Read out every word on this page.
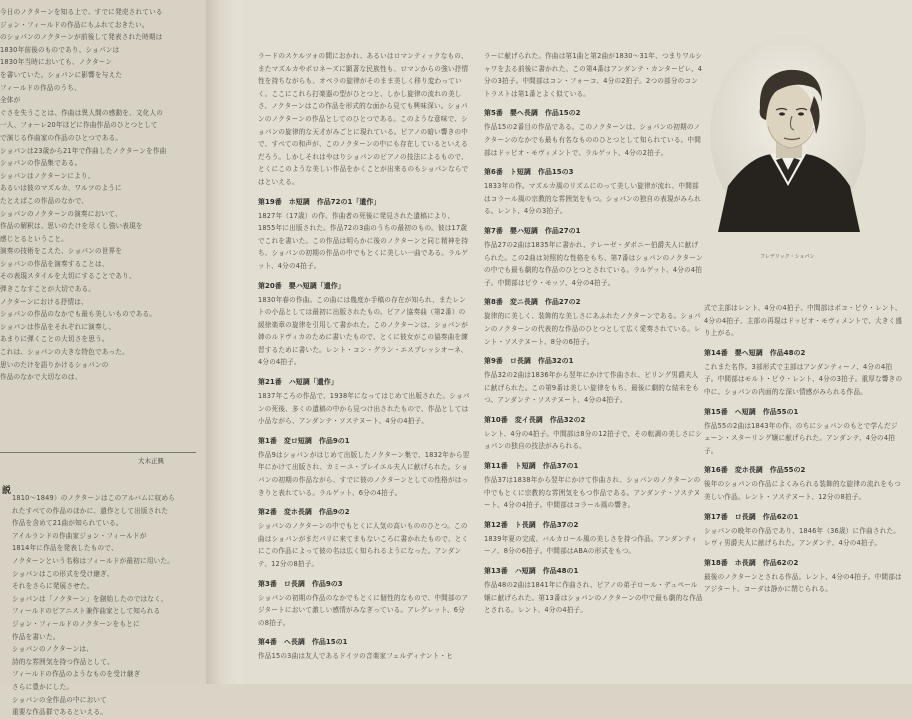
今日のノクターンを知る上で、すでに発売されている
ジョン・フィールドの作品にもふれておきたい。
のショパンのノクターンが前後して発表された時期は
1830年前後のものであり、ショパンは
1830年当時においても、ノクターン
を書いていた。ショパンに影響を与えた
フィールドの作品のうち、
全体が
ぐさを失うことは、作曲は異人間の感動を、文化人の
一人、フォーレ20年ほどに作曲作品のひとつとして
で演じる作曲家の作品のひとつである。
ショパンは23歳から21年で作曲したノクターンを作曲
ショパンの作品集である。
ショパンはノクターンにより、
あるいは彼のマズルカ、ワルツのように
たとえばこの作品のなかで、
ショパンのノクターンの演奏において、
作品の解釈は、思いのたけを尽くし強い表現を
感じとるということ。
演奏の技術をこえた、ショパンの世界を
ショパンの作品を演奏することは、
その表現スタイルを大切にすることであり、
弾きこなすことが大切である。
ノクターンにおける抒情は、
ショパンの作品のなかでも最も美しいものである。
ショパンは作品をそれぞれに演奏し、
あまりに弾くことの大切さを思う。
これは、ショパンの大きな特色であった。
思いのたけを語りかけるショパンの
作品のなかで大切なのは、
大木正興
説
1810〜1849）のノクターンはこのアルバムに収めら
れたすべての作品のほかに、遺作として出版された
作品を含めて21曲が知られている。
アイルランドの作曲家ジョン・フィールドが
1814年に作品を発表したもので、
ノクターンという名称はフィールドが最初に用いた。
ショパンはこの形式を受け継ぎ、
それをさらに発展させた。
ショパンは「ノクターン」を創始したのではなく、
フィールドのピアニスト兼作曲家として知られる
ジョン・フィールドのノクターンをもとに
作品を書いた。
ショパンのノクターンは、
詩的な雰囲気を持つ作品として、
フィールドの作品のようなものを受け継ぎ
さらに豊かにした。
ショパンの全作品の中において
重要な作品群であるといえる。
ラードのスケルツォの間におかれ、あるいはロマンティックなもの、またマズルカやポロネーズに顕著な民族性も、ロマンからの強い抒情性を持ちながらも、オペラの旋律がそのまま美しく移り変わっていく。ここにこれら打楽器の型がひとつと、しかし旋律の流れの美しさ、ノクターンはこの作品を形式的な面から見ても興味深い。ショパンのノクターンの作品としてのひとつである。このような意味で、ショパンの旋律的な天才がみごとに現れている。ピアノの暗い響きの中で、すべての和声が、このノクターンの中にも存在しているといえるだろう。しかしそれはやはりショパンのピアノの技法によるもので、とくにこのような美しい作品をかくことが出来るのもショパンならではといえる。
第19番　ホ短調　作品72の1「遺作」
1827年（17歳）の作、作曲者の死後に発見された遺稿により、1855年に出版された。作品72の3曲のうちの最初のもの。彼は17歳でこれを書いた。この作品は明らかに後のノクターンと同じ精神を持ち、ショパンの初期の作品の中でもとくに美しい一曲である。ラルゲット、4分の4拍子。
第20番　嬰ハ短調「遺作」
1830年春の作曲。この曲には幾度か手稿の存在が知られ、またレントの小品としては最初に出版されたもの。ピアノ協奏曲（第2番）の緩徐楽章の旋律を引用して書かれた。このノクターンは、ショパンが姉のルドヴィカのために書いたもので、とくに彼女がこの協奏曲を練習するために書いた。レント・コン・グラン・エスプレッシオーネ、4分の4拍子。
第21番　ハ短調「遺作」
1837年ころの作品で、1938年になってはじめて出版された。ショパンの死後、多くの遺稿の中から見つけ出されたもので、作品としては小品ながら、アンダンテ・ソステヌート、4分の4拍子。
第1番　変ロ短調　作品9の1
作品9はショパンがはじめて出版したノクターン集で、1832年から翌年にかけて出版され、カミーユ・プレイエル夫人に献げられた。ショパンの初期の作品ながら、すでに彼のノクターンとしての性格がはっきりと表れている。ラルゲット、6分の4拍子。
第2番　変ホ長調　作品9の2
ショパンのノクターンの中でもとくに人気の高いもののひとつ。この曲はショパンがまだパリに来てまもないころに書かれたもので、とくにこの作品によって彼の名は広く知られるようになった。アンダンテ、12分の8拍子。
第3番　ロ長調　作品9の3
ショパンの初期の作品のなかでもとくに個性的なもので、中間部のアジタートにおいて激しい感情がみなぎっている。アレグレット、6分の8拍子。
第4番　ヘ長調　作品15の1
作品15の3曲は友人であるドイツの音楽家フェルディナント・ヒ
ラーに献げられた。作曲は第1曲と第2曲が1830〜31年、つまりワルシャワを去る前後に書かれた。この第4番はアンダンテ・カンタービレ、4分の3拍子。中間部はコン・フォーコ、4分の2拍子。2つの部分のコントラストは第1番とよく似ている。
第5番　嬰ヘ長調　作品15の2
作品15の2番目の作品である。このノクターンは、ショパンの初期のノクターンのなかでも最も有名なもののひとつとして知られている。中間部はドッピオ・モヴィメントで、ラルゲット、4分の2拍子。
第6番　ト短調　作品15の3
1833年の作。マズルカ風のリズムにのって美しい旋律が流れ、中間部はコラール風の宗教的な雰囲気をもつ。ショパンの独自の表現がみられる。レント、4分の3拍子。
第7番　嬰ハ短調　作品27の1
作品27の2曲は1835年に書かれ、テレーゼ・ダポニー伯爵夫人に献げられた。この2曲は対照的な性格をもち、第7番はショパンのノクターンの中でも最も劇的な作品のひとつとされている。ラルゲット、4分の4拍子。中間部はピウ・モッソ、4分の4拍子。
第8番　変ニ長調　作品27の2
旋律的に美しく、装飾的な美しさにあふれたノクターンである。ショパンのノクターンの代表的な作品のひとつとして広く愛奏されている。レント・ソステヌート、8分の6拍子。
第9番　ロ長調　作品32の1
作品32の2曲は1836年から翌年にかけて作曲され、ビリング男爵夫人に献げられた。この第9番は美しい旋律をもち、最後に劇的な結末をもつ。アンダンテ・ソステヌート、4分の4拍子。
第10番　変イ長調　作品32の2
レント、4分の4拍子。中間部は8分の12拍子で、その転調の美しさにショパンの独自の技法がみられる。
第11番　ト短調　作品37の1
作品37は1838年から翌年にかけて作曲され、ショパンのノクターンの中でもとくに宗教的な雰囲気をもつ作品である。アンダンテ・ソステヌート、4分の4拍子。中間部はコラール風の響き。
第12番　ト長調　作品37の2
1839年夏の完成、バルカロール風の美しさを持つ作品。アンダンティーノ、8分の6拍子。中間部はABAの形式をもつ。
第13番　ハ短調　作品48の1
作品48の2曲は1841年に作曲され、ピアノの弟子ロール・デュペール嬢に献げられた。第13番はショパンのノクターンの中で最も劇的な作品とされる。レント、4分の4拍子。
フレデリック・ショパン
式で主部はレント、4分の4拍子、中間部はポコ・ピウ・レント、4分の4拍子、主部の再現はドッピオ・モヴィメントで、大きく盛り上がる。
第14番　嬰ヘ短調　作品48の2
これまた名作。3部形式で主部はアンダンティーノ、4分の4拍子。中間部はモルト・ピウ・レント、4分の3拍子。重厚な響きの中に、ショパンの内面的な深い情感がみられる作品。
第15番　ヘ短調　作品55の1
作品55の2曲は1843年の作、のちにショパンのもとで学んだジェーン・スターリング嬢に献げられた。アンダンテ、4分の4拍子。
第16番　変ホ長調　作品55の2
後年のショパンの作品によくみられる装飾的な旋律の流れをもつ美しい作品。レント・ソステヌート、12分の8拍子。
第17番　ロ長調　作品62の1
ショパンの晩年の作品であり、1846年（36歳）に作曲された。レヴィ男爵夫人に献げられた。アンダンテ、4分の4拍子。
第18番　ホ長調　作品62の2
最後のノクターンとされる作品。レント、4分の4拍子。中間部はアジタート、コーダは静かに閉じられる。
